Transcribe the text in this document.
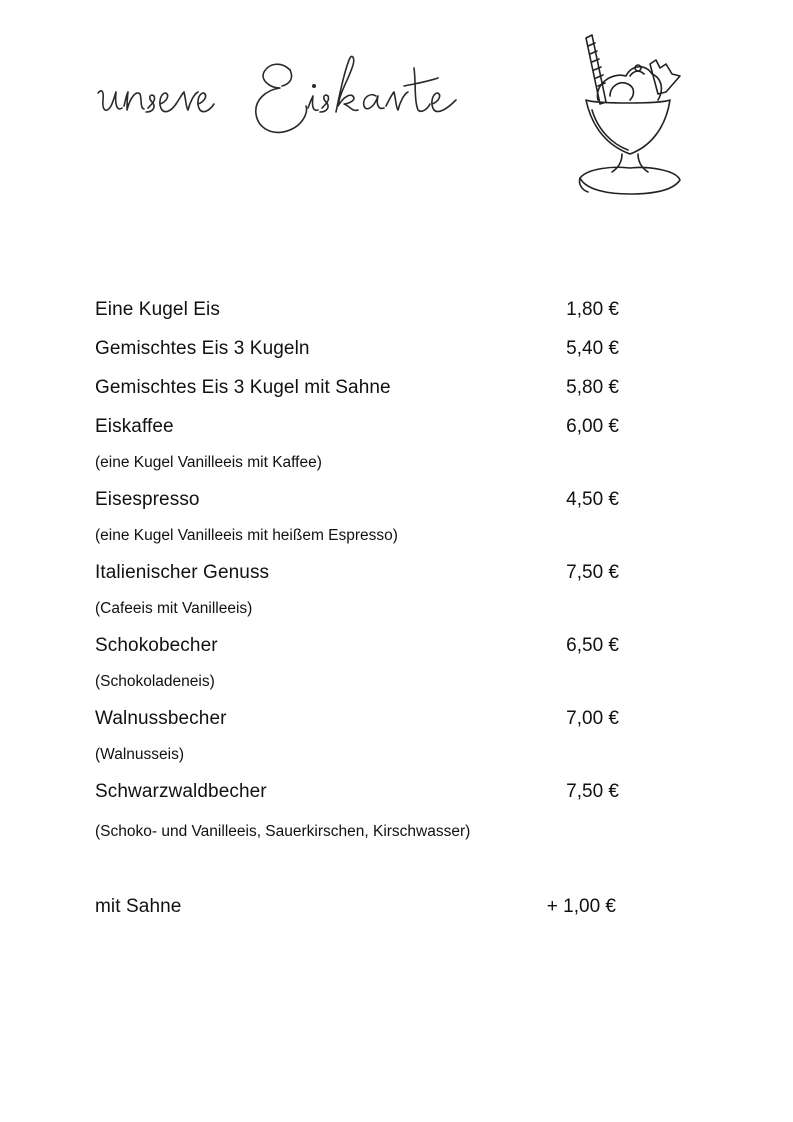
Eine Kugel Eis	1,80 €
Gemischtes Eis 3 Kugeln	5,40 €
Gemischtes Eis 3 Kugel mit Sahne	5,80 €
Eiskaffee	6,00 €
(eine Kugel Vanilleeis mit Kaffee)
Eisespresso	4,50 €
(eine Kugel Vanilleeis mit heißem Espresso)
Italienischer Genuss	7,50 €
(Cafeeis mit Vanilleeis)
Schokobecher	6,50 €
(Schokoladeneis)
Walnussbecher	7,00 €
(Walnusseis)
Schwarzwaldbecher	7,50 €
(Schoko- und Vanilleeis, Sauerkirschen, Kirschwasser)
mit Sahne	+ 1,00 €
